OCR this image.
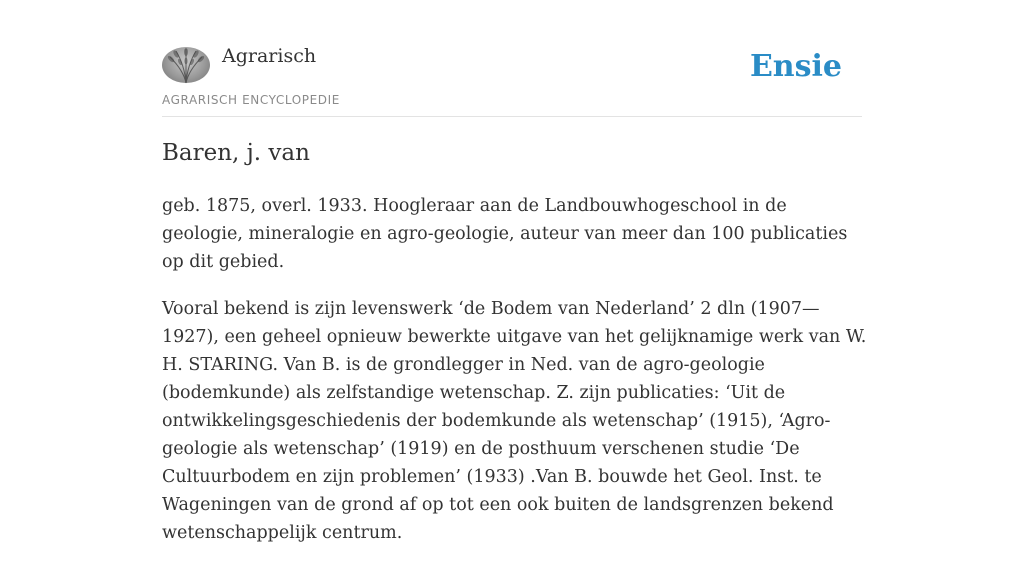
Agrarisch
AGRARISCH ENCYCLOPEDIE
Ensie
Baren, j. van

geb. 1875, overl. 1933. Hoogleraar aan de Landbouwhogeschool in de geologie, mineralogie en agro-geologie, auteur van meer dan 100 publicaties op dit gebied.

Vooral bekend is zijn levenswerk ‘de Bodem van Nederland’ 2 dln (1907— 1927), een geheel opnieuw bewerkte uitgave van het gelijknamige werk van W. H. STARING. Van B. is de grondlegger in Ned. van de agro-geologie (bodemkunde) als zelfstandige wetenschap. Z. zijn publicaties: ‘Uit de ontwikkelingsgeschiedenis der bodemkunde als wetenschap’ (1915), ‘Agro-geologie als wetenschap’ (1919) en de posthuum verschenen studie ‘De Cultuurbodem en zijn problemen’ (1933) .Van B. bouwde het Geol. Inst. te Wageningen van de grond af op tot een ook buiten de landsgrenzen bekend wetenschappelijk centrum.
